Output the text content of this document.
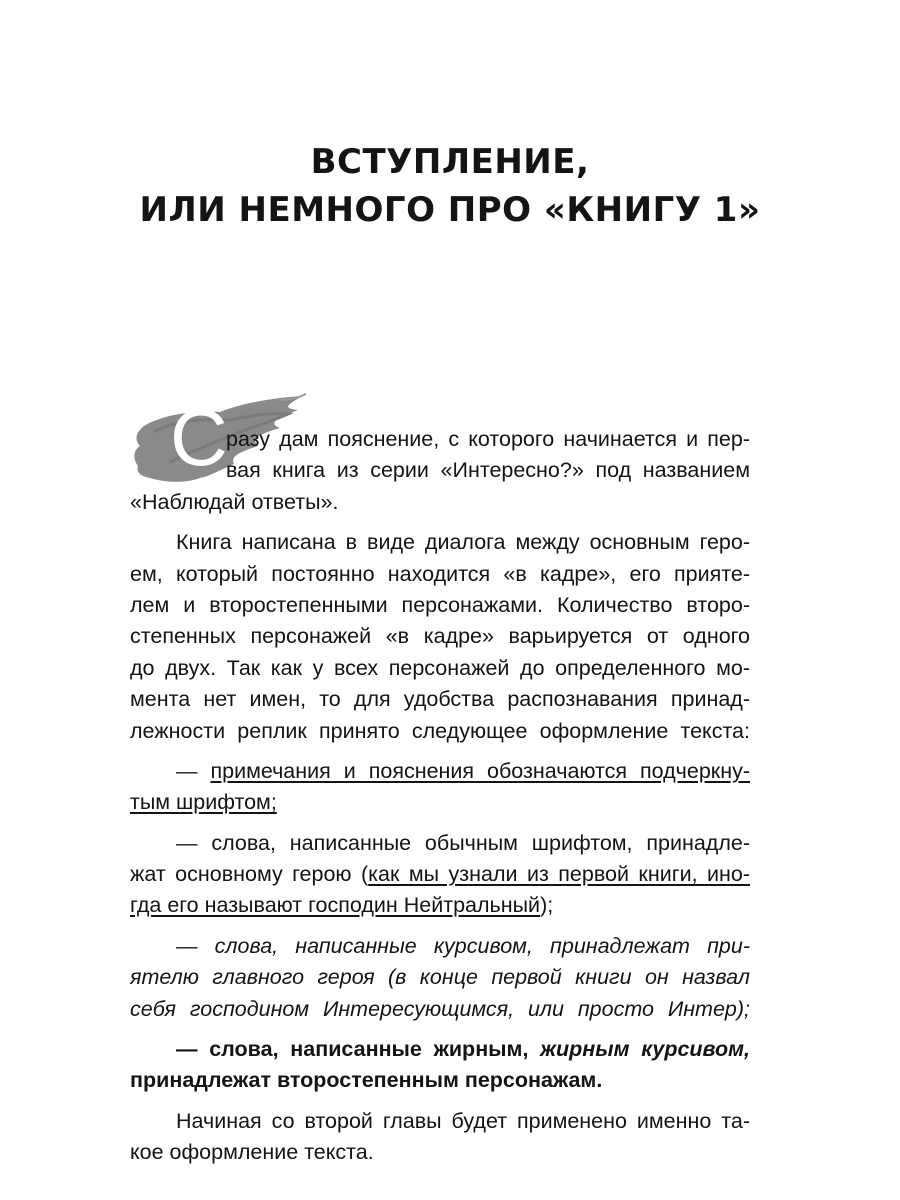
ВСТУПЛЕНИЕ,
ИЛИ НЕМНОГО ПРО «КНИГУ 1»
С
разу дам пояснение, с которого начинается и пер-
вая книга из серии «Интересно?» под названием
«Наблюдай ответы».
Книга написана в виде диалога между основным геро-
ем, который постоянно находится «в кадре», его прияте-
лем и второстепенными персонажами. Количество второ-
степенных персонажей «в кадре» варьируется от одного
до двух. Так как у всех персонажей до определенного мо-
мента нет имен, то для удобства распознавания принад-
лежности реплик принято следующее оформление текста:
— примечания и пояснения обозначаются подчеркну-
тым шрифтом;
— слова, написанные обычным шрифтом, принадле-
жат основному герою (как мы узнали из первой книги, ино-
гда его называют господин Нейтральный);
— слова, написанные курсивом, принадлежат при-
ятелю главного героя (в конце первой книги он назвал
себя господином Интересующимся, или просто Интер);
— слова, написанные жирным, жирным курсивом,
принадлежат второстепенным персонажам.
Начиная со второй главы будет применено именно та-
кое оформление текста.
